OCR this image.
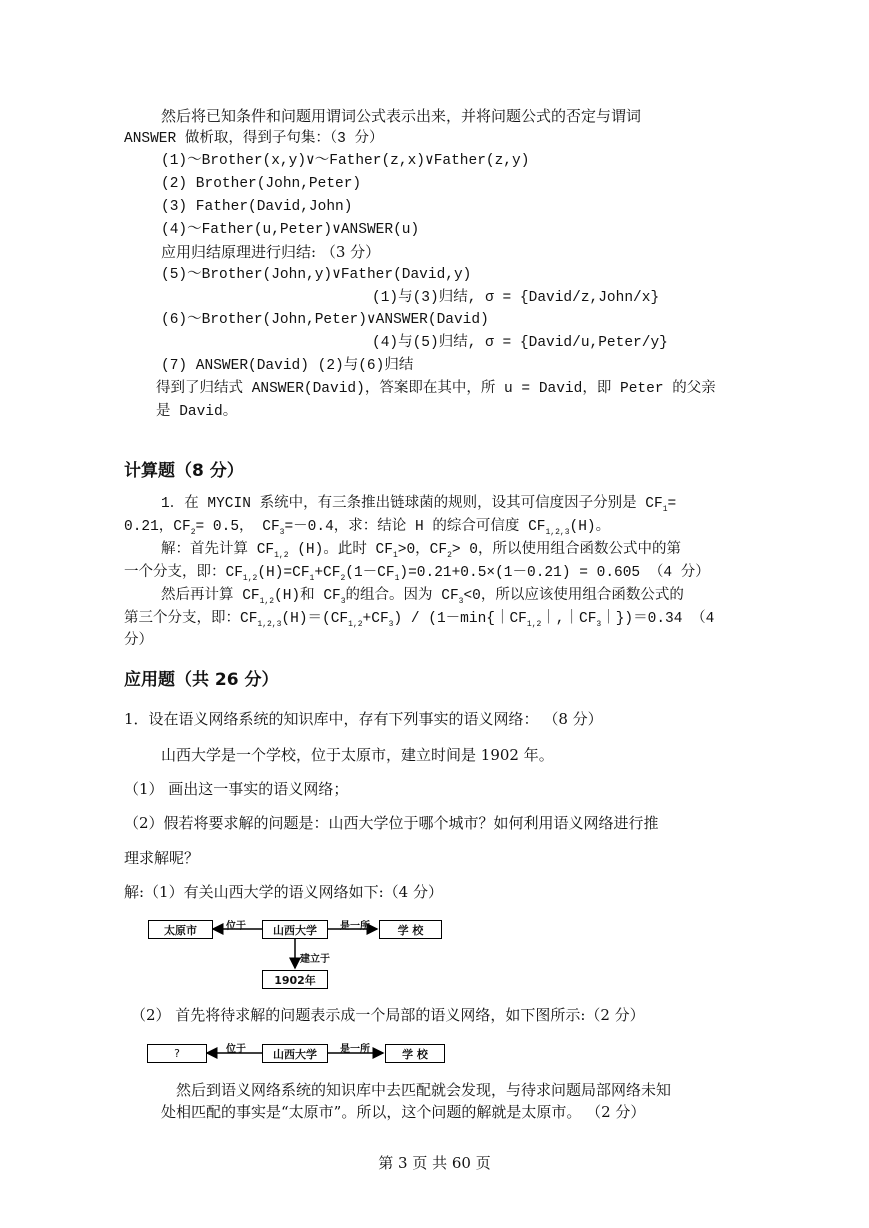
然后将已知条件和问题用谓词公式表示出来，并将问题公式的否定与谓词
ANSWER 做析取，得到子句集：（3 分）
(1)～Brother(x,y)∨～Father(z,x)∨Father(z,y)
(2) Brother(John,Peter)
(3) Father(David,John)
(4)～Father(u,Peter)∨ANSWER(u)
应用归结原理进行归结: （3 分）
(5)～Brother(John,y)∨Father(David,y)
(1)与(3)归结, σ = {David/z,John/x}
(6)～Brother(John,Peter)∨ANSWER(David)
(4)与(5)归结, σ = {David/u,Peter/y}
(7) ANSWER(David) (2)与(6)归结
得到了归结式 ANSWER(David)，答案即在其中，所 u = David，即 Peter 的父亲
是 David。
计算题（8 分）
1．在 MYCIN 系统中，有三条推出链球菌的规则，设其可信度因子分别是 $CF_1=$
0.21，$CF_2= 0.5$， $CF_3=-0.4$，求：结论 H 的综合可信度 $CF_{1,2,3}(H)$。
解：首先计算 $CF_{1,2}$ (H)。此时 $CF_1>0$，$CF_2> 0$，所以使用组合函数公式中的第
一个分支，即：$CF_{1,2}(H)=CF_1+CF_2(1-CF_1)=0.21+0.5\times(1-0.21) = 0.605$ （4 分）
然后再计算 $CF_{1,2}(H)$和 $CF_3$的组合。因为 $CF_3<0$，所以应该使用组合函数公式的
第三个分支，即：$CF_{1,2,3}(H)=(CF_{1,2}+CF_3)$ / $(1-\min\{|CF_{1,2}|,|CF_3|\})=0.34$ （4
分）
应用题（共 26 分）
1．设在语义网络系统的知识库中，存有下列事实的语义网络： （8 分）
山西大学是一个学校，位于太原市，建立时间是 1902 年。
（1） 画出这一事实的语义网络；
（2）假若将要求解的问题是：山西大学位于哪个城市？如何利用语义网络进行推
理求解呢？
解:（1）有关山西大学的语义网络如下:（4 分）
太原市	山西大学	学 校
1902年
位于	是一所
建立于
（2） 首先将待求解的问题表示成一个局部的语义网络，如下图所示:（2 分）
?	山西大学	学 校
位于	是一所
然后到语义网络系统的知识库中去匹配就会发现，与待求问题局部网络未知
处相匹配的事实是“太原市”。所以，这个问题的解就是太原市。 （2 分）
第 3 页 共 60 页
